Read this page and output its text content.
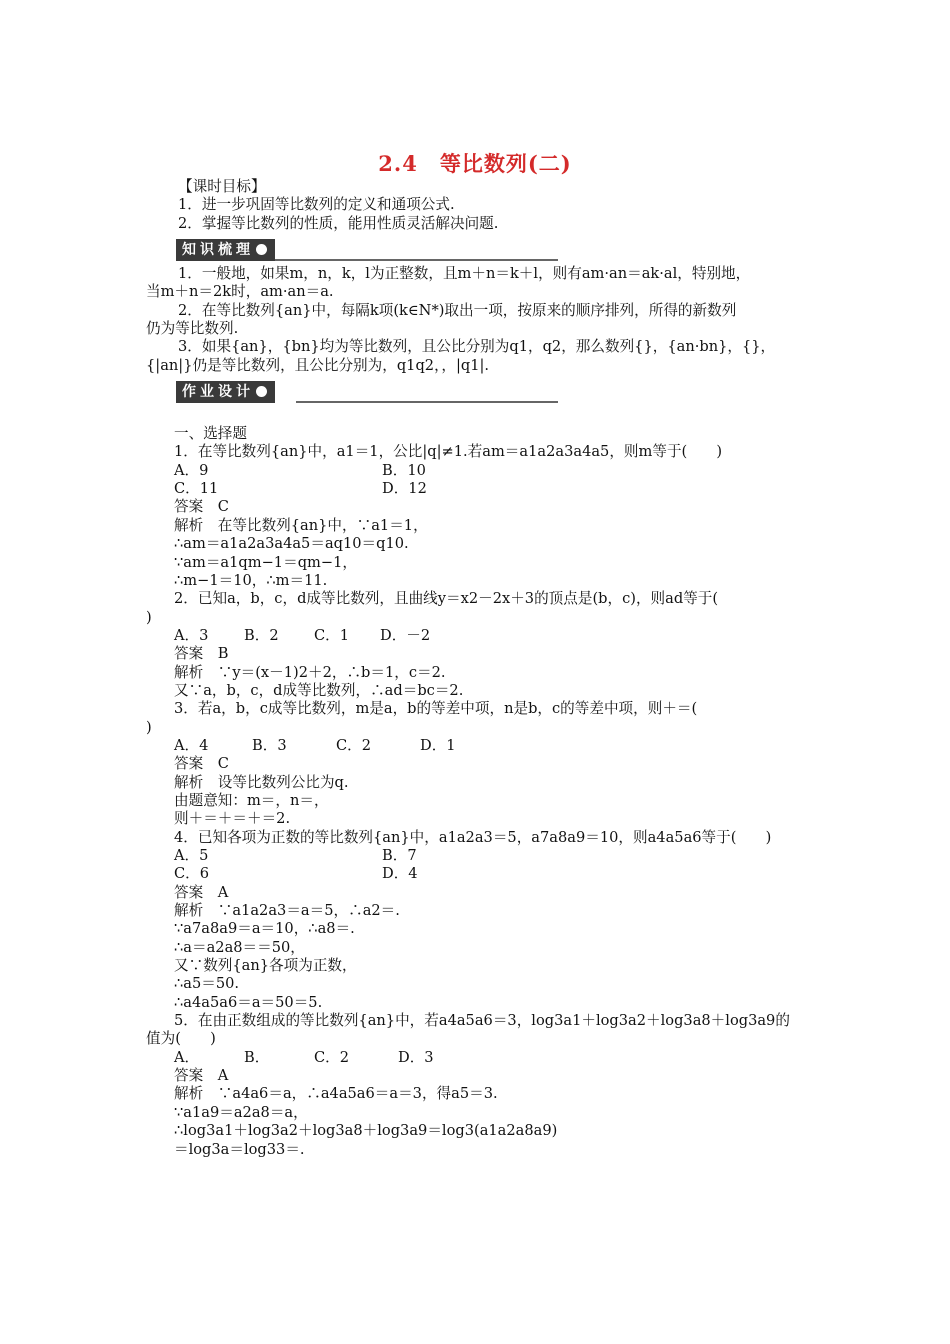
2.4　等比数列(二)
【课时目标】
1．进一步巩固等比数列的定义和通项公式.
2．掌握等比数列的性质，能用性质灵活解决问题.
知识梳理
1．一般地，如果m，n，k，l为正整数，且m＋n＝k＋l，则有am·an＝ak·al，特别地，
当m＋n＝2k时，am·an＝a.
2．在等比数列{an}中，每隔k项(k∈N*)取出一项，按原来的顺序排列，所得的新数列
仍为等比数列.
3．如果{an}，{bn}均为等比数列，且公比分别为q1，q2，那么数列{}，{an·bn}，{}，
{|an|}仍是等比数列，且公比分别为，q1q2，，|q1|.
作业设计
一、选择题
1．在等比数列{an}中，a1＝1，公比|q|≠1.若am＝a1a2a3a4a5，则m等于(　　)
A．9	B．10
C．11	D．12
答案　C
解析　在等比数列{an}中，∵a1＝1，
∴am＝a1a2a3a4a5＝aq10＝q10.
∵am＝a1qm−1＝qm−1，
∴m−1＝10，∴m＝11.
2．已知a，b，c，d成等比数列，且曲线y＝x2－2x＋3的顶点是(b，c)，则ad等于(
)
A．3 B．2 C．1 D．－2
答案　B
解析　∵y＝(x－1)2＋2，∴b＝1，c＝2.
又∵a，b，c，d成等比数列，∴ad＝bc＝2.
3．若a，b，c成等比数列，m是a，b的等差中项，n是b，c的等差中项，则＋＝(
)
A．4	B．3	C．2	D．1
答案　C
解析　设等比数列公比为q.
由题意知：m＝，n＝，
则＋＝＋＝＋＝2.
4．已知各项为正数的等比数列{an}中，a1a2a3＝5，a7a8a9＝10，则a4a5a6等于(　　)
A．5	B．7
C．6	D．4
答案　A
解析　∵a1a2a3＝a＝5，∴a2＝.
∵a7a8a9＝a＝10，∴a8＝.
∴a＝a2a8＝＝50，
又∵数列{an}各项为正数，
∴a5＝50.
∴a4a5a6＝a＝50＝5.
5．在由正数组成的等比数列{an}中，若a4a5a6＝3，log3a1＋log3a2＋log3a8＋log3a9的
值为(　　)
A．	B．	C．2	D．3
答案　A
解析　∵a4a6＝a，∴a4a5a6＝a＝3，得a5＝3.
∵a1a9＝a2a8＝a，
∴log3a1＋log3a2＋log3a8＋log3a9＝log3(a1a2a8a9)
＝log3a＝log33＝.
